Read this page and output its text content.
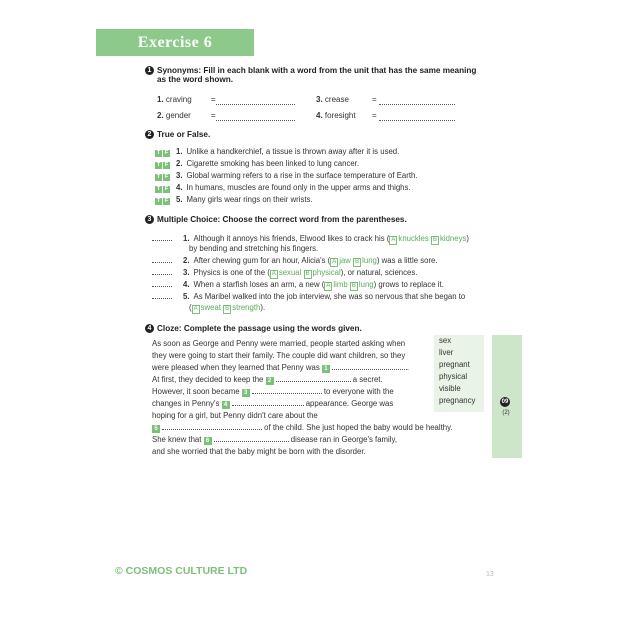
Exercise 6
1 Synonyms: Fill in each blank with a word from the unit that has the same meaning
as the word shown.
1. craving =
2. gender	=
3. crease	=
4. foresight =
2 True or False.
T F 1. Unlike a handkerchief, a tissue is thrown away after it is used.
T F 2. Cigarette smoking has been linked to lung cancer.
T F 3. Global warming refers to a rise in the surface temperature of Earth.
T F 4. In humans, muscles are found only in the upper arms and thighs.
T F 5. Many girls wear rings on their wrists.
3 Multiple Choice: Choose the correct word from the parentheses.
1. Although it annoys his friends, Elwood likes to crack his ( A knuckles B kidneys)
by bending and stretching his fingers.
2. After chewing gum for an hour, Alicia's ( A jaw B lung) was a little sore.
3. Physics is one of the ( A sexual B physical), or natural, sciences.
4. When a starfish loses an arm, a new ( A limb B lung) grows to replace it.
5. As Maribel walked into the job interview, she was so nervous that she began to
( A sweat B strength).
4 Cloze: Complete the passage using the words given.
As soon as George and Penny were married, people started asking when
they were going to start their family. The couple did want children, so they
were pleased when they learned that Penny was 1	.
At first, they decided to keep the 2	a secret.
However, it soon became 3	to everyone with the
changes in Penny's 4	appearance. George was
hoping for a girl, but Penny didn't care about the
5	of the child. She just hoped the baby would be healthy.
She knew that 6	disease ran in George's family,
and she worried that the baby might be born with the disorder.
sex
liver
pregnant
physical
visible
pregnancy	09
(2)
© COSMOS CULTURE LTD	13
